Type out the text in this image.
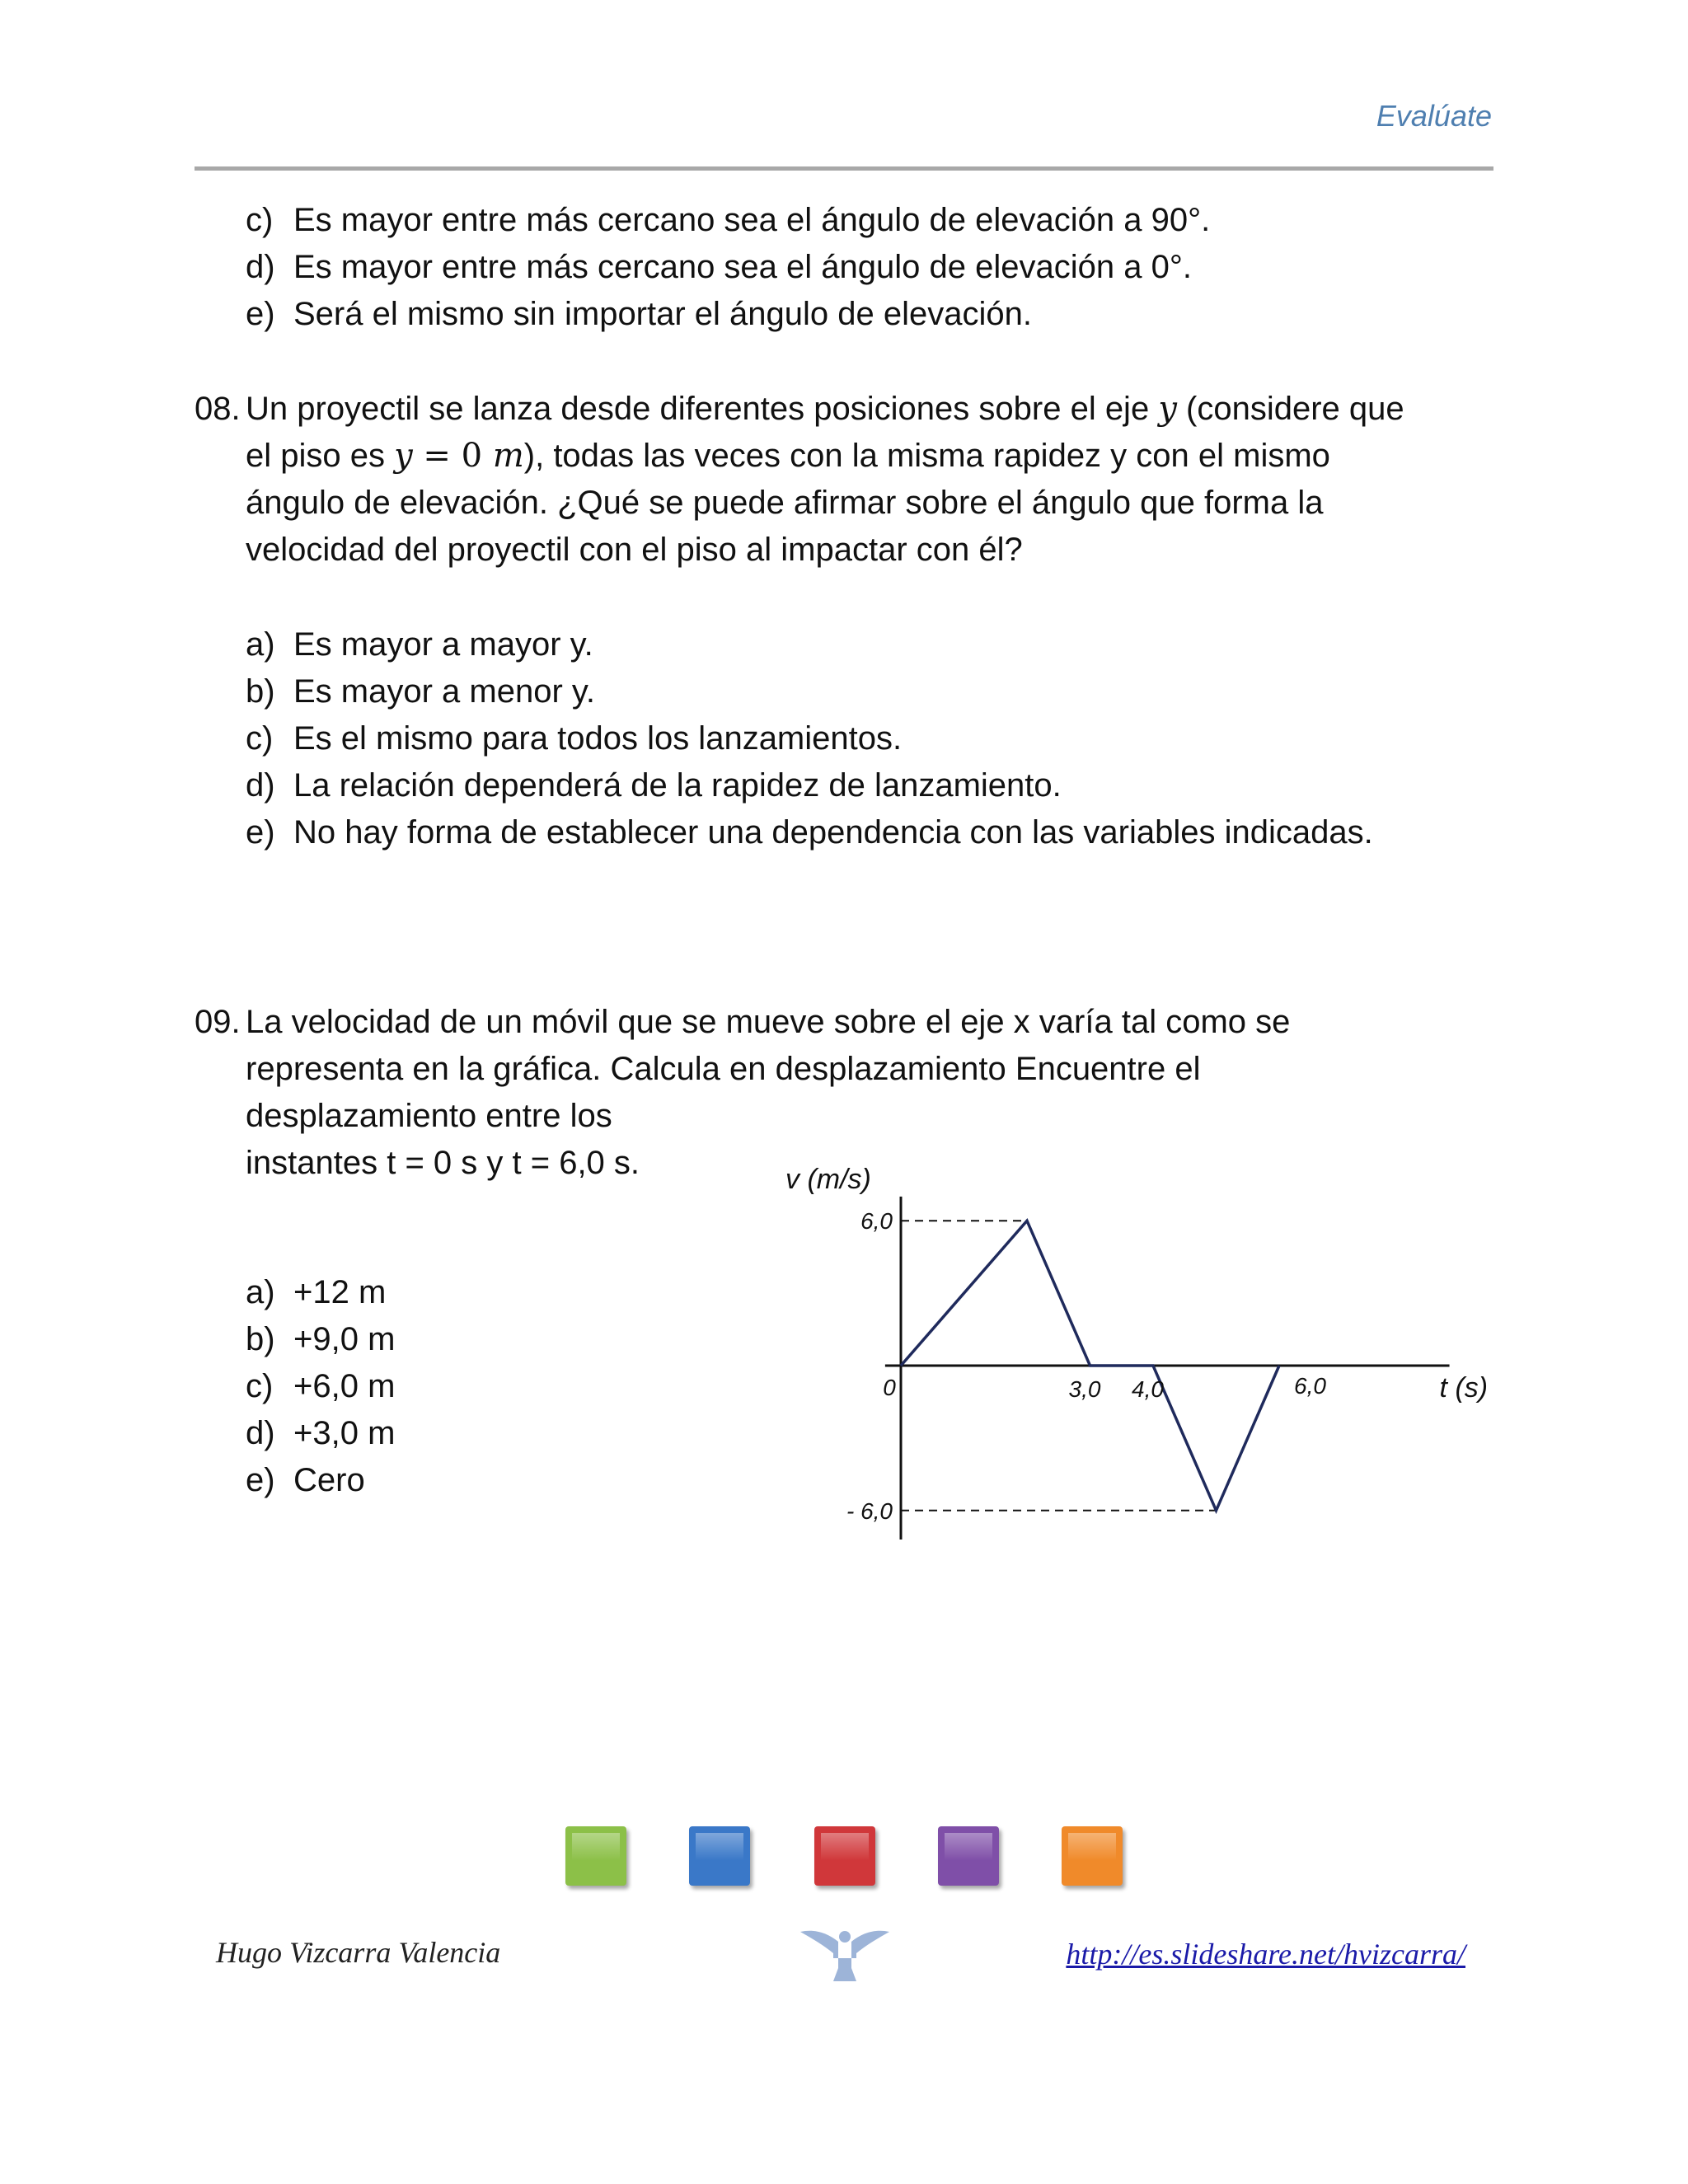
Evalúate
c) Es mayor entre más cercano sea el ángulo de elevación a 90°.
d) Es mayor entre más cercano sea el ángulo de elevación a 0°.
e) Será el mismo sin importar el ángulo de elevación.
08. Un proyectil se lanza desde diferentes posiciones sobre el eje y (considere que
el piso es y = 0 m), todas las veces con la misma rapidez y con el mismo
ángulo de elevación. ¿Qué se puede afirmar sobre el ángulo que forma la
velocidad del proyectil con el piso al impactar con él?
a) Es mayor a mayor y.
b) Es mayor a menor y.
c) Es el mismo para todos los lanzamientos.
d) La relación dependerá de la rapidez de lanzamiento.
e) No hay forma de establecer una dependencia con las variables indicadas.
09. La velocidad de un móvil que se mueve sobre el eje x varía tal como se
representa en la gráfica. Calcula en desplazamiento Encuentre el
desplazamiento entre los
instantes t = 0 s y t = 6,0 s.
a) +12 m
b) +9,0 m
c) +6,0 m
d) +3,0 m
e) Cero
0	3,0 4,0	6,0
6,0
- 6,0
v (m/s)
t (s)
Hugo Vizcarra Valencia	http://es.slideshare.net/hvizcarra/
